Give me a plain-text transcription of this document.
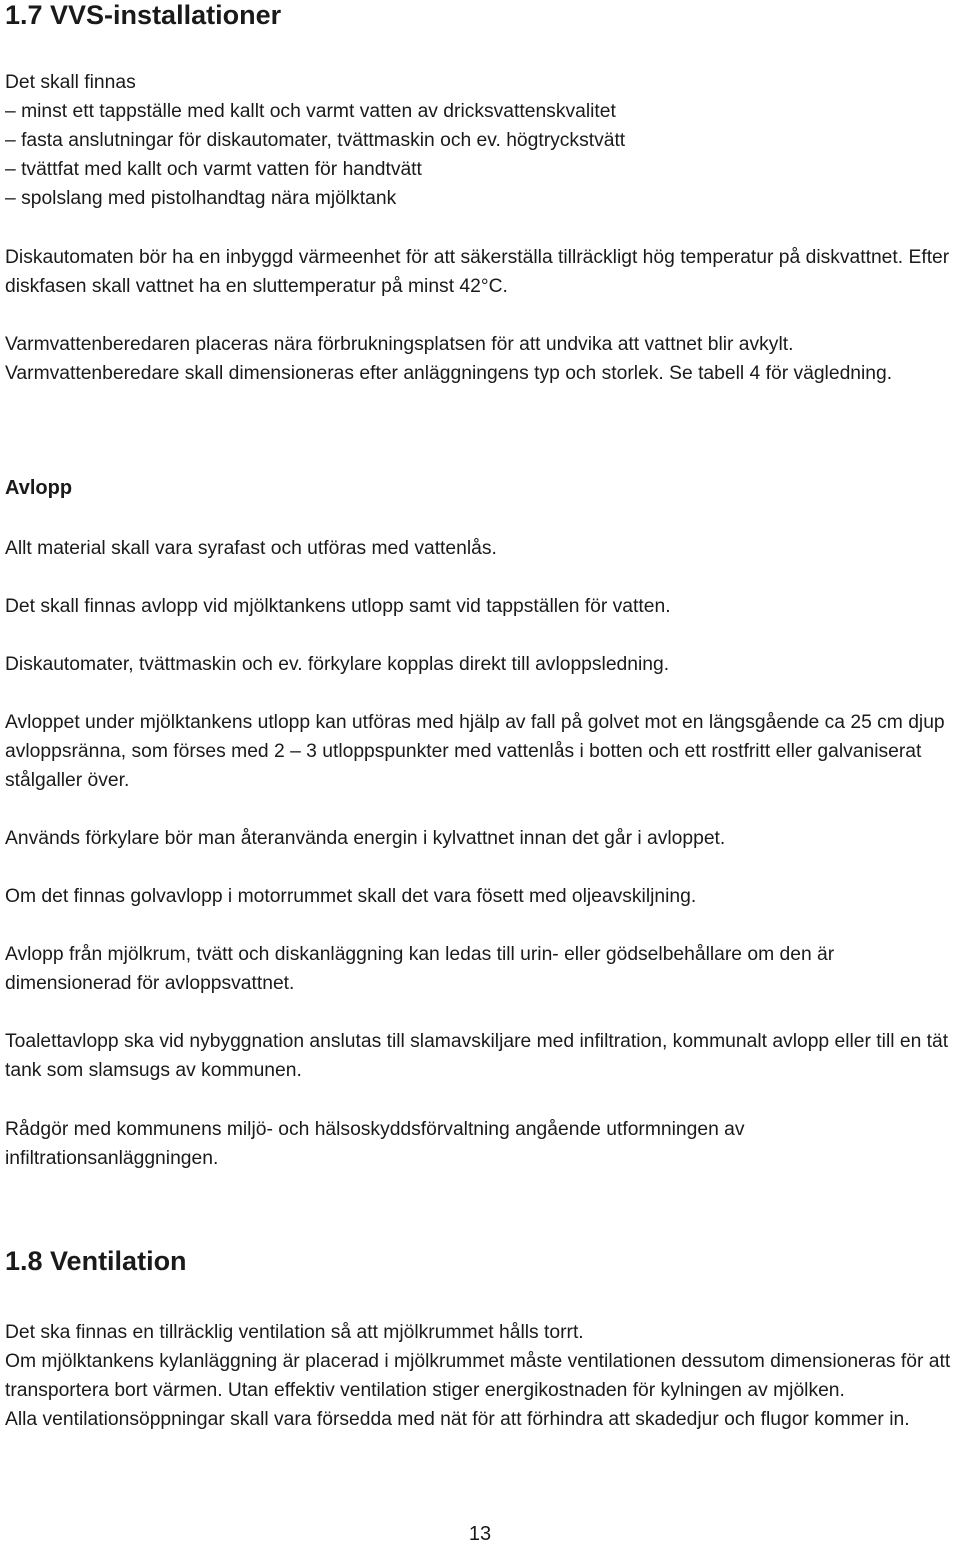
1.7 VVS-installationer

Det skall finnas
– minst ett tappställe med kallt och varmt vatten av dricksvattenskvalitet
– fasta anslutningar för diskautomater, tvättmaskin och ev. högtryckstvätt
– tvättfat med kallt och varmt vatten för handtvätt
– spolslang med pistolhandtag nära mjölktank

Diskautomaten bör ha en inbyggd värmeenhet för att säkerställa tillräckligt hög temperatur på diskvattnet. Efter diskfasen skall vattnet ha en sluttemperatur på minst 42°C.

Varmvattenberedaren placeras nära förbrukningsplatsen för att undvika att vattnet blir avkylt. Varmvattenberedare skall dimensioneras efter anläggningens typ och storlek. Se tabell 4 för vägledning.

Avlopp

Allt material skall vara syrafast och utföras med vattenlås.

Det skall finnas avlopp vid mjölktankens utlopp samt vid tappställen för vatten.

Diskautomater, tvättmaskin och ev. förkylare kopplas direkt till avloppsledning.

Avloppet under mjölktankens utlopp kan utföras med hjälp av fall på golvet mot en längsgående ca 25 cm djup avloppsränna, som förses med 2 – 3 utloppspunkter med vattenlås i botten och ett rostfritt eller galvaniserat stålgaller över.

Används förkylare bör man återanvända energin i kylvattnet innan det går i avloppet.

Om det finnas golvavlopp i motorrummet skall det vara fösett med oljeavskiljning.

Avlopp från mjölkrum, tvätt och diskanläggning kan ledas till urin- eller gödselbehållare om den är dimensionerad för avloppsvattnet.

Toalettavlopp ska vid nybyggnation anslutas till slamavskiljare med infiltration, kommunalt avlopp eller till en tät tank som slamsugs av kommunen.

Rådgör med kommunens miljö- och hälsoskyddsförvaltning angående utformningen av infiltrationsanläggningen.

1.8 Ventilation

Det ska finnas en tillräcklig ventilation så att mjölkrummet hålls torrt.
Om mjölktankens kylanläggning är placerad i mjölkrummet måste ventilationen dessutom dimensioneras för att transportera bort värmen. Utan effektiv ventilation stiger energikostnaden för kylningen av mjölken.
Alla ventilationsöppningar skall vara försedda med nät för att förhindra att skadedjur och flugor kommer in.

13
